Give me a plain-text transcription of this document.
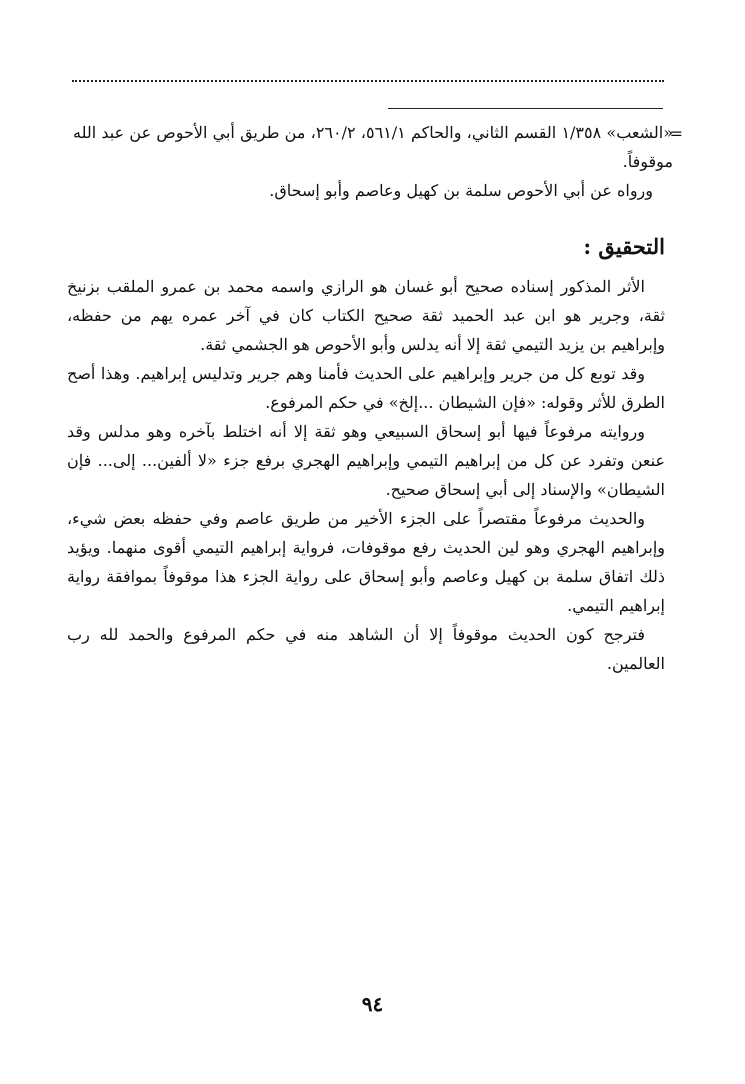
=

«الشعب» ١/٣٥٨ القسم الثاني، والحاكم ٥٦١/١، ٢٦٠/٢، من طريق أبي الأحوص عن عبد الله موقوفاً.

ورواه عن أبي الأحوص سلمة بن كهيل وعاصم وأبو إسحاق.

التحقيق :

الأثر المذكور إسناده صحيح أبو غسان هو الرازي واسمه محمد بن عمرو الملقب بزنيخ ثقة، وجرير هو ابن عبد الحميد ثقة صحيح الكتاب كان في آخر عمره يهم من حفظه، وإبراهيم بن يزيد التيمي ثقة إلا أنه يدلس وأبو الأحوص هو الجشمي ثقة.

وقد توبع كل من جرير وإبراهيم على الحديث فأمنا وهم جرير وتدليس إبراهيم. وهذا أصح الطرق للأثر وقوله: «فإن الشيطان ...إلخ» في حكم المرفوع.

وروايته مرفوعاً فيها أبو إسحاق السبيعي وهو ثقة إلا أنه اختلط بآخره وهو مدلس وقد عنعن وتفرد عن كل من إبراهيم التيمي وإبراهيم الهجري برفع جزء «لا ألفين... إلى... فإن الشيطان» والإسناد إلى أبي إسحاق صحيح.

والحديث مرفوعاً مقتصراً على الجزء الأخير من طريق عاصم وفي حفظه بعض شيء، وإبراهيم الهجري وهو لين الحديث رفع موقوفات، فرواية إبراهيم التيمي أقوى منهما. ويؤيد ذلك اتفاق سلمة بن كهيل وعاصم وأبو إسحاق على رواية الجزء هذا موقوفاً بموافقة رواية إبراهيم التيمي.

فترجح كون الحديث موقوفاً إلا أن الشاهد منه في حكم المرفوع والحمد لله رب العالمين.

٩٤
